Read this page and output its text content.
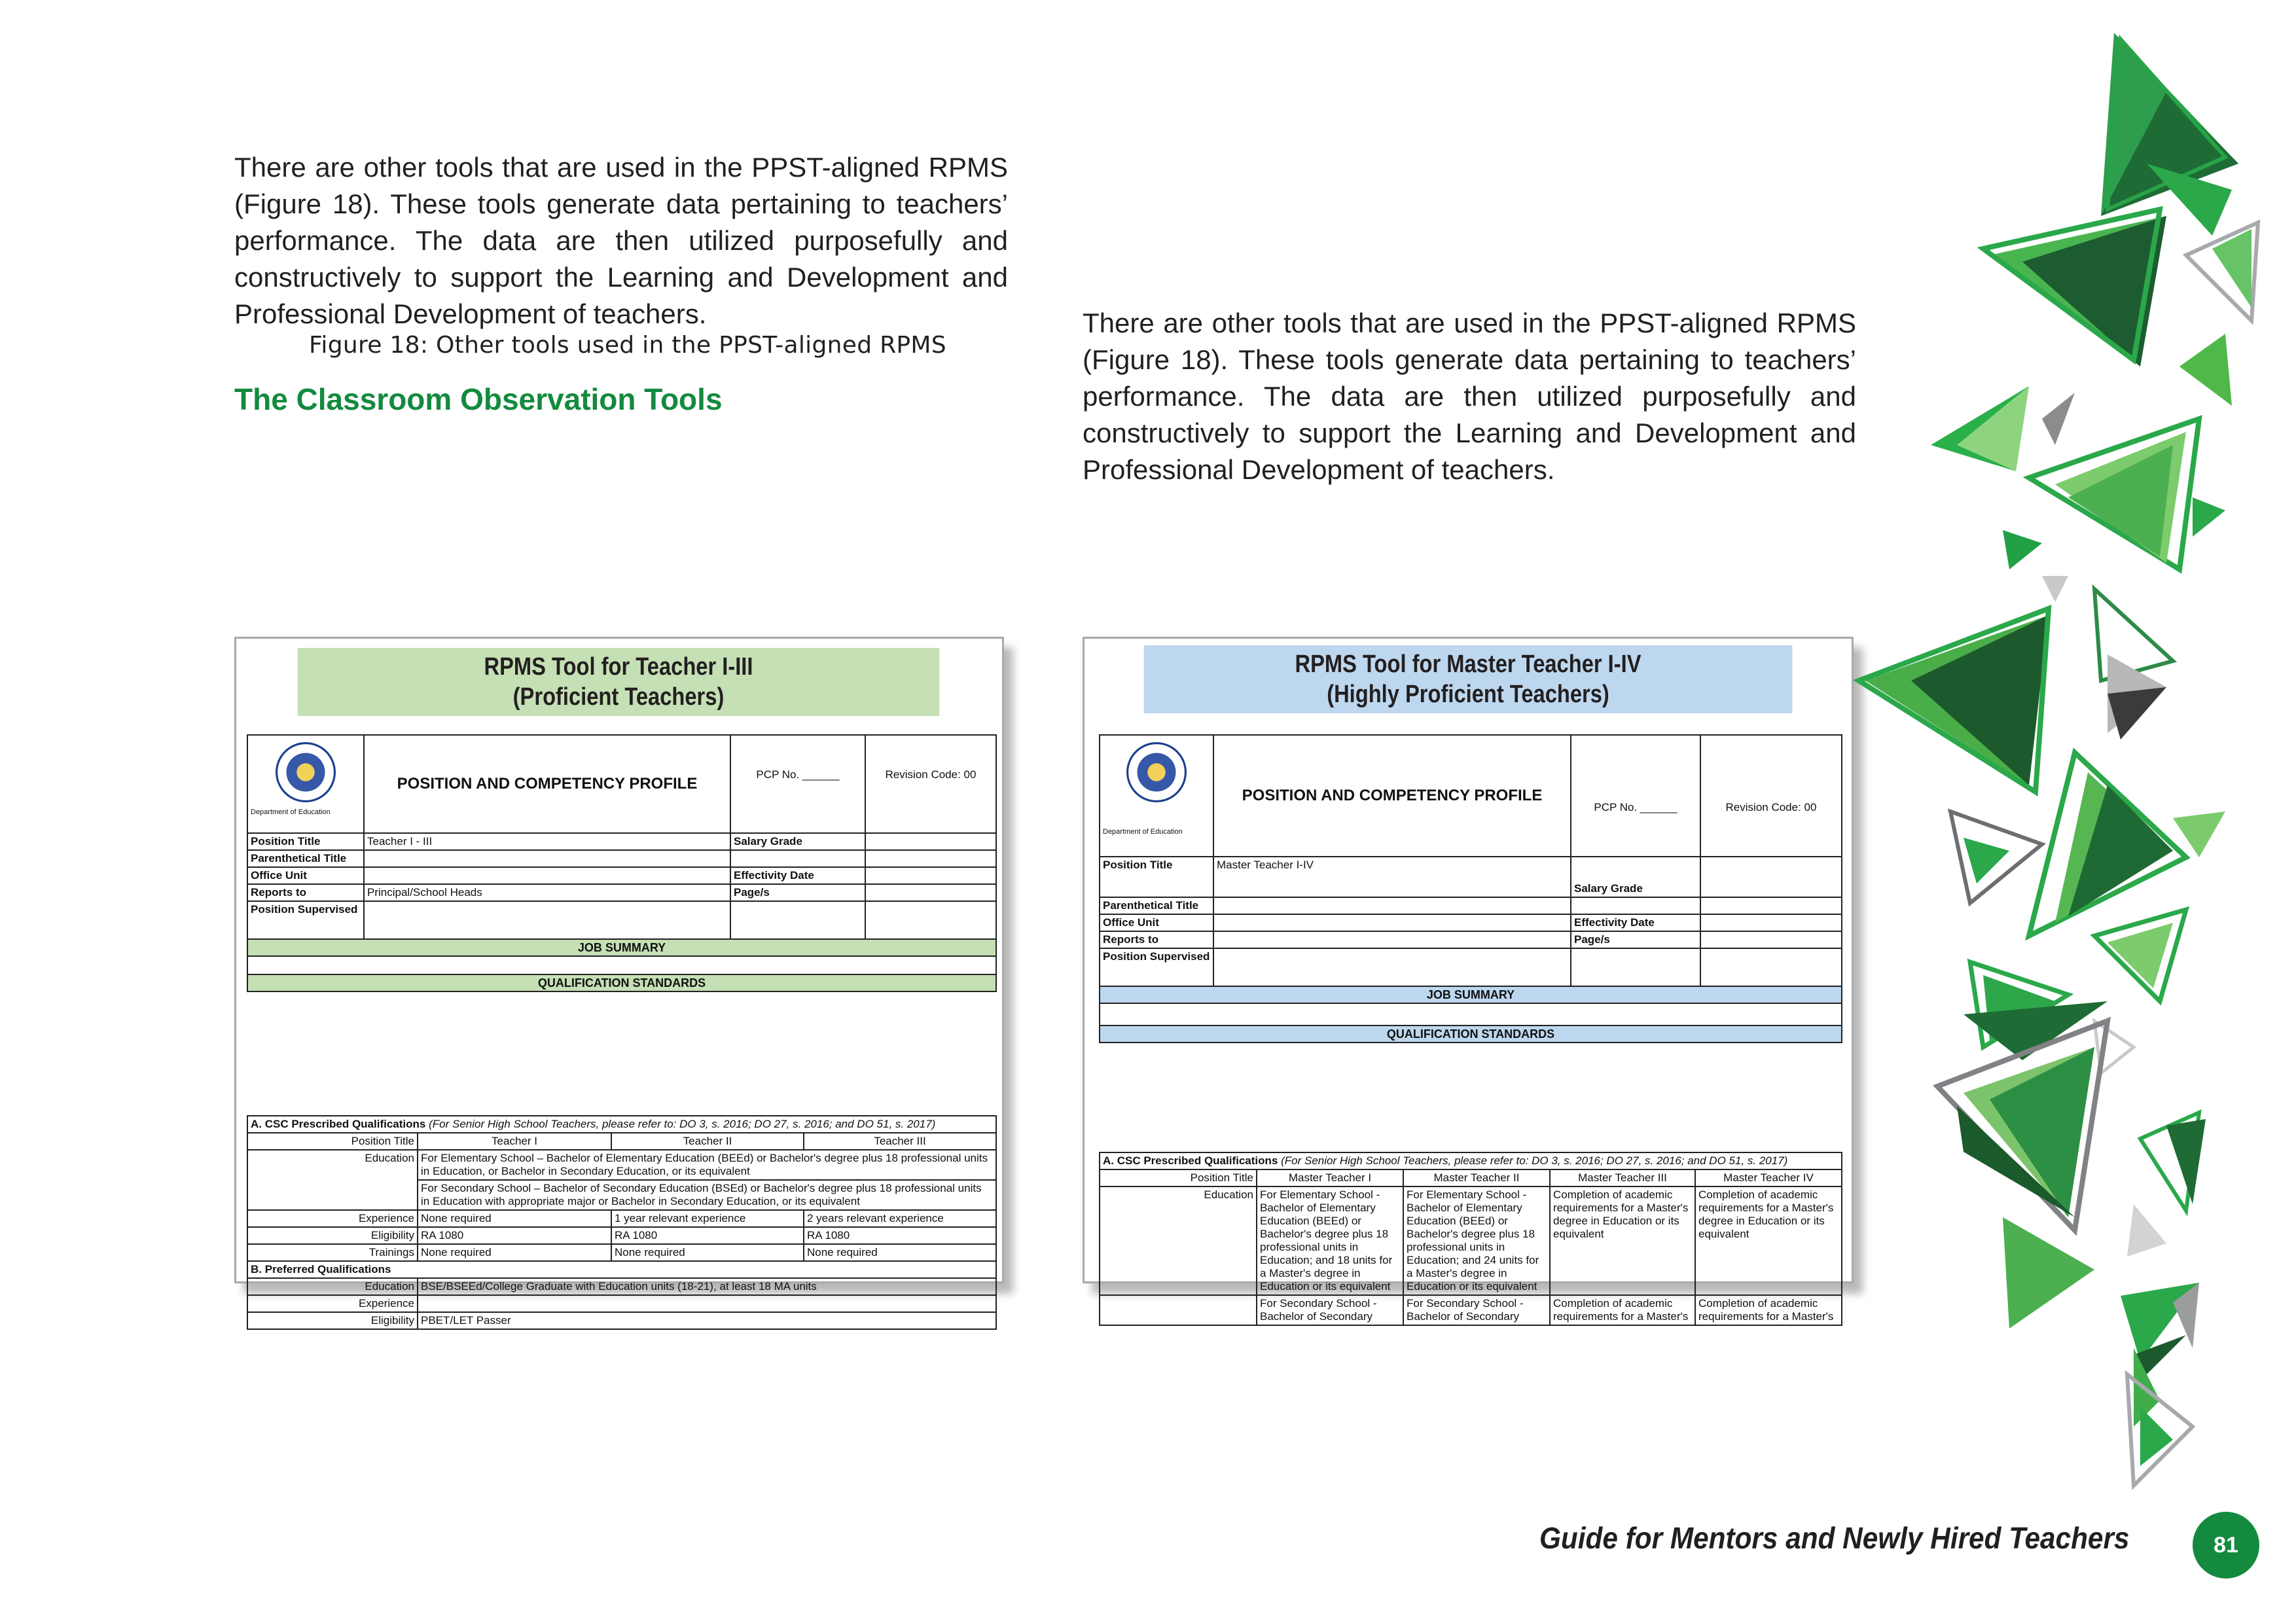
There are other tools that are used in the PPST-aligned RPMS (Figure 18). These tools generate data pertaining to teachers’ performance. The data are then utilized purposefully and constructively to support the Learning and Development and Professional Development of teachers.

Figure 18: Other tools used in the PPST-aligned RPMS
The Classroom Observation Tools

There are other tools that are used in the PPST-aligned RPMS (Figure 18). These tools generate data pertaining to teachers’ performance. The data are then utilized purposefully and constructively to support the Learning and Development and Professional Development of teachers.

RPMS Tool for Teacher I-III
(Proficient Teachers)
Department of Education	POSITION AND COMPETENCY PROFILE	PCP No. ______	Revision Code: 00
Position Title	Teacher I - III	Salary Grade	
Parenthetical Title			
Office Unit		Effectivity Date	
Reports to	Principal/School Heads	Page/s	
Position Supervised			
JOB SUMMARY			

QUALIFICATION STANDARDS			
A. CSC Prescribed Qualifications (For Senior High School Teachers, please refer to: DO 3, s. 2016; DO 27, s. 2016; and DO 51, s. 2017)			
Position Title	Teacher I	Teacher II	Teacher III
Education	For Elementary School – Bachelor of Elementary Education (BEEd) or Bachelor's degree plus 18 professional units in Education, or Bachelor in Secondary Education, or its equivalent		
	For Secondary School – Bachelor of Secondary Education (BSEd) or Bachelor's degree plus 18 professional units in Education with appropriate major or Bachelor in Secondary Education, or its equivalent		
Experience	None required	1 year relevant experience	2 years relevant experience
Eligibility	RA 1080	RA 1080	RA 1080
Trainings	None required	None required	None required
B. Preferred Qualifications			
Education	BSE/BSEEd/College Graduate with Education units (18-21), at least 18 MA units		
Experience			
Eligibility	PBET/LET Passer		
RPMS Tool for Master Teacher I-IV
(Highly Proficient Teachers)
Department of Education	POSITION AND COMPETENCY PROFILE	PCP No. ______	Revision Code: 00
Position Title	Master Teacher I-IV	Salary Grade	
Parenthetical Title			
Office Unit		Effectivity Date	
Reports to		Page/s	
Position Supervised			
JOB SUMMARY			

QUALIFICATION STANDARDS			
A. CSC Prescribed Qualifications (For Senior High School Teachers, please refer to: DO 3, s. 2016; DO 27, s. 2016; and DO 51, s. 2017)				
Position Title	Master Teacher I	Master Teacher II	Master Teacher III	Master Teacher IV
Education	For Elementary School - Bachelor of Elementary Education (BEEd) or Bachelor's degree plus 18 professional units in Education; and 18 units for a Master's degree in Education or its equivalent	For Elementary School - Bachelor of Elementary Education (BEEd) or Bachelor's degree plus 18 professional units in Education; and 24 units for a Master's degree in Education or its equivalent	Completion of academic requirements for a Master's degree in Education or its equivalent	Completion of academic requirements for a Master's degree in Education or its equivalent
	For Secondary School - Bachelor of Secondary	For Secondary School - Bachelor of Secondary	Completion of academic requirements for a Master's	Completion of academic requirements for a Master's
Guide for Mentors and Newly Hired Teachers	81
